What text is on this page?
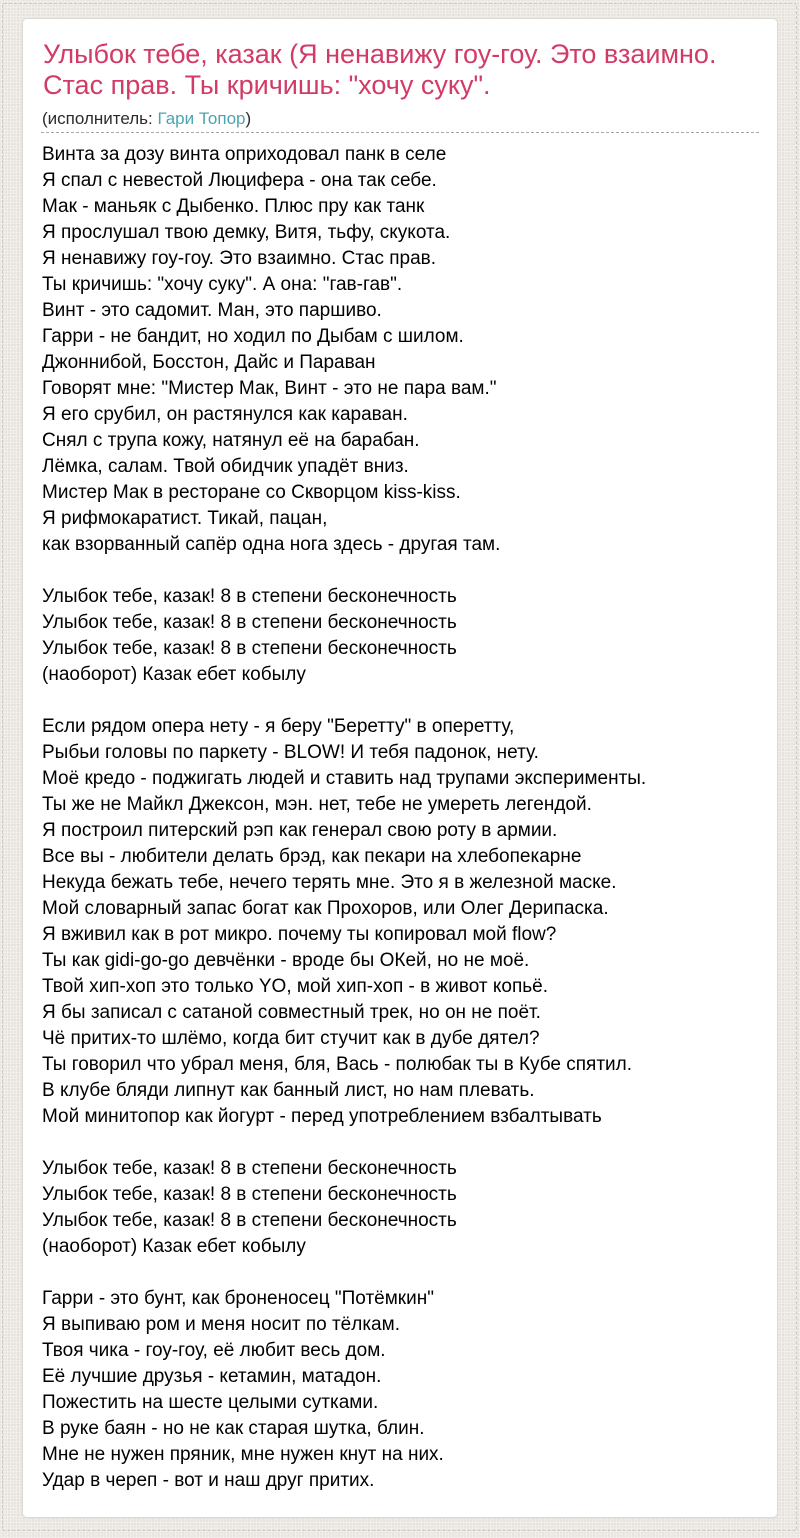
Улыбок тебе, казак (Я ненавижу гоу-гоу. Это взаимно. Стас прав. Ты кричишь: "хочу суку".

(исполнитель: Гари Топор)

Винта за дозу винта оприходовал панк в селе
Я спал с невестой Люцифера - она так себе.
Мак - маньяк с Дыбенко. Плюс пру как танк
Я прослушал твою демку, Витя, тьфу, скукота.
Я ненавижу гоу-гоу. Это взаимно. Стас прав.
Ты кричишь: "хочу суку". А она: "гав-гав".
Винт - это садомит. Ман, это паршиво.
Гарри - не бандит, но ходил по Дыбам с шилом.
Джоннибой, Босстон, Дайс и Параван
Говорят мне: "Мистер Мак, Винт - это не пара вам."
Я его срубил, он растянулся как караван.
Снял с трупа кожу, натянул её на барабан.
Лёмка, салам. Твой обидчик упадёт вниз.
Мистер Мак в ресторане со Скворцом kiss-kiss.
Я рифмокаратист. Тикай, пацан,
как взорванный сапёр одна нога здесь - другая там.
Улыбок тебе, казак! 8 в степени бесконечность
Улыбок тебе, казак! 8 в степени бесконечность
Улыбок тебе, казак! 8 в степени бесконечность
(наоборот) Казак ебет кобылу
Если рядом опера нету - я беру "Беретту" в оперетту,
Рыбьи головы по паркету - BLOW! И тебя падонок, нету.
Моё кредо - поджигать людей и ставить над трупами эксперименты.
Ты же не Майкл Джексон, мэн. нет, тебе не умереть легендой.
Я построил питерский рэп как генерал свою роту в армии.
Все вы - любители делать брэд, как пекари на хлебопекарне
Некуда бежать тебе, нечего терять мне. Это я в железной маске.
Мой словарный запас богат как Прохоров, или Олег Дерипаска.
Я вживил как в рот микро. почему ты копировал мой flow?
Ты как gidi-go-go девчёнки - вроде бы ОКей, но не моё.
Твой хип-хоп это только YO, мой хип-хоп - в живот копьё.
Я бы записал с сатаной совместный трек, но он не поёт.
Чё притих-то шлёмо, когда бит стучит как в дубе дятел?
Ты говорил что убрал меня, бля, Вась - полюбак ты в Кубе спятил.
В клубе бляди липнут как банный лист, но нам плевать.
Мой минитопор как йогурт - перед употреблением взбалтывать
Улыбок тебе, казак! 8 в степени бесконечность
Улыбок тебе, казак! 8 в степени бесконечность
Улыбок тебе, казак! 8 в степени бесконечность
(наоборот) Казак ебет кобылу
Гарри - это бунт, как броненосец "Потёмкин"
Я выпиваю ром и меня носит по тёлкам.
Твоя чика - гоу-гоу, её любит весь дом.
Её лучшие друзья - кетамин, матадон.
Пожестить на шесте целыми сутками.
В руке баян - но не как старая шутка, блин.
Мне не нужен пряник, мне нужен кнут на них.
Удар в череп - вот и наш друг притих.
